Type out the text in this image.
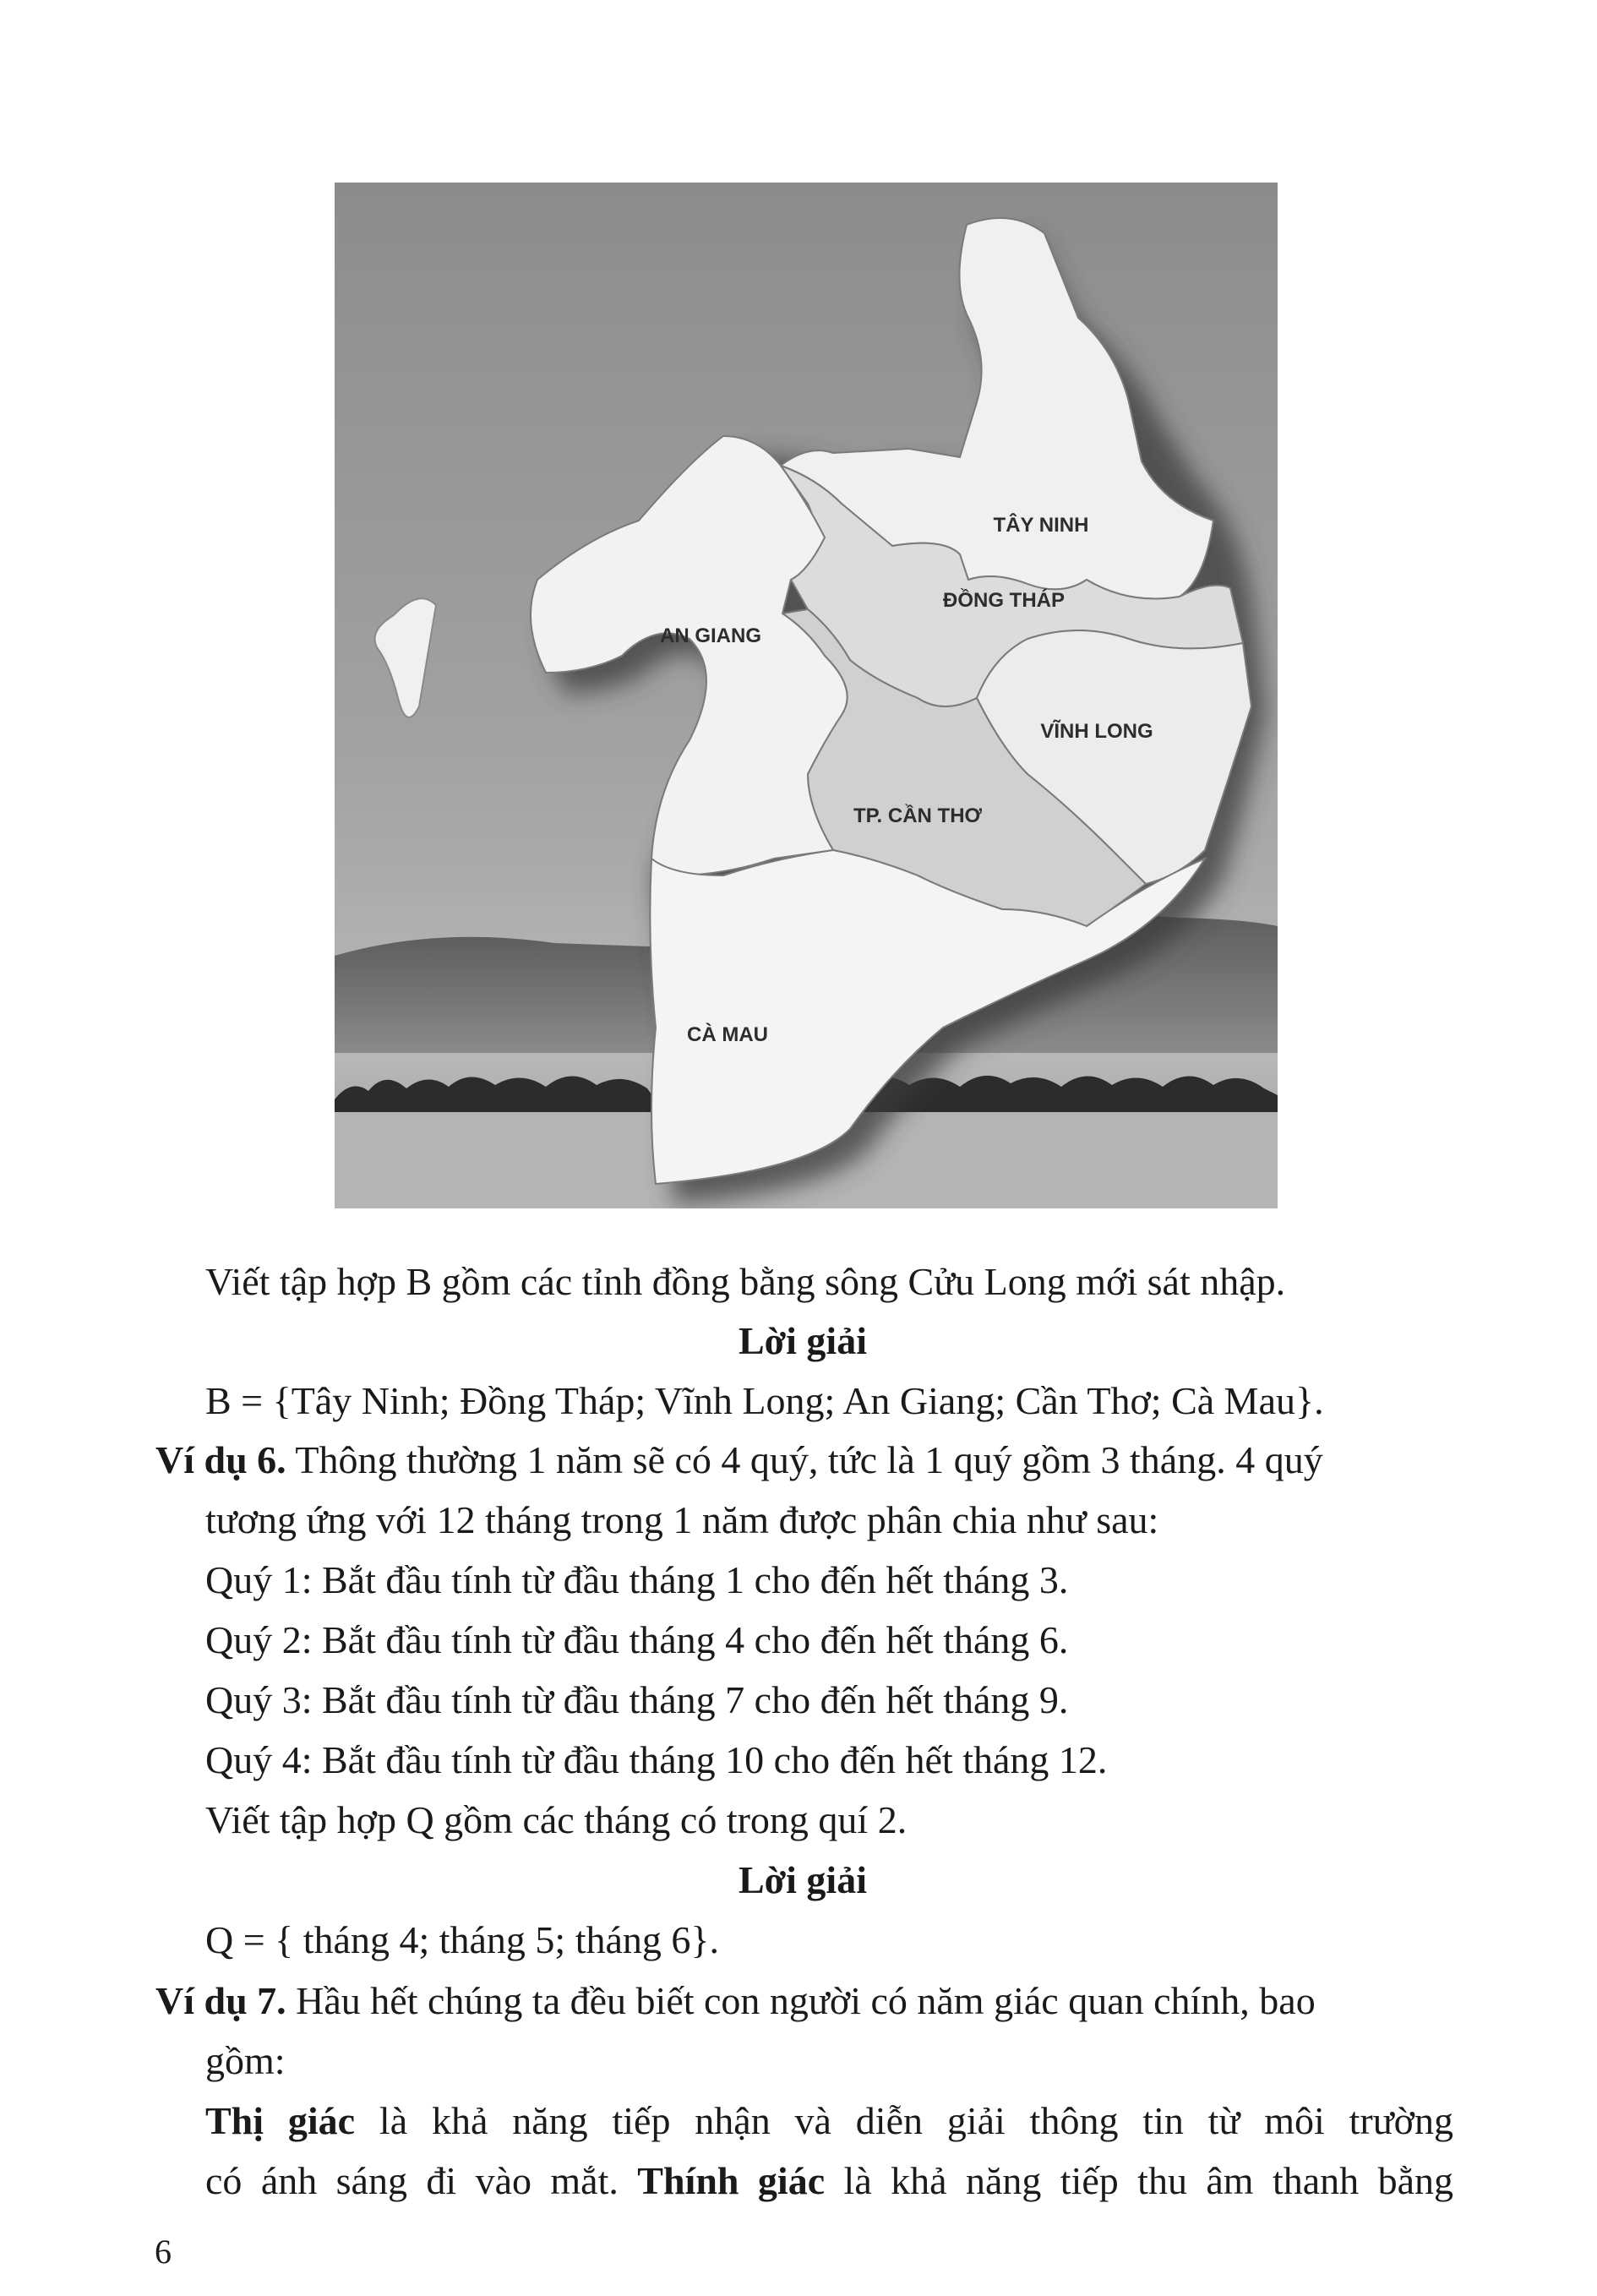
TÂY NINH
ĐỒNG THÁP
AN GIANG
VĨNH LONG
TP. CẦN THƠ
CÀ MAU
Viết tập hợp B gồm các tỉnh đồng bằng sông Cửu Long mới sát nhập.
Lời giải
B = {Tây Ninh; Đồng Tháp; Vĩnh Long; An Giang; Cần Thơ; Cà Mau}.
Ví dụ 6. Thông thường 1 năm sẽ có 4 quý, tức là 1 quý gồm 3 tháng. 4 quý
tương ứng với 12 tháng trong 1 năm được phân chia như sau:
Quý 1: Bắt đầu tính từ đầu tháng 1 cho đến hết tháng 3.
Quý 2: Bắt đầu tính từ đầu tháng 4 cho đến hết tháng 6.
Quý 3: Bắt đầu tính từ đầu tháng 7 cho đến hết tháng 9.
Quý 4: Bắt đầu tính từ đầu tháng 10 cho đến hết tháng 12.
Viết tập hợp Q gồm các tháng có trong quí 2.
Lời giải
Q = { tháng 4; tháng 5; tháng 6}.
Ví dụ 7. Hầu hết chúng ta đều biết con người có năm giác quan chính, bao
gồm:
Thị giác là khả năng tiếp nhận và diễn giải thông tin từ môi trường
có ánh sáng đi vào mắt. Thính giác là khả năng tiếp thu âm thanh bằng
6
